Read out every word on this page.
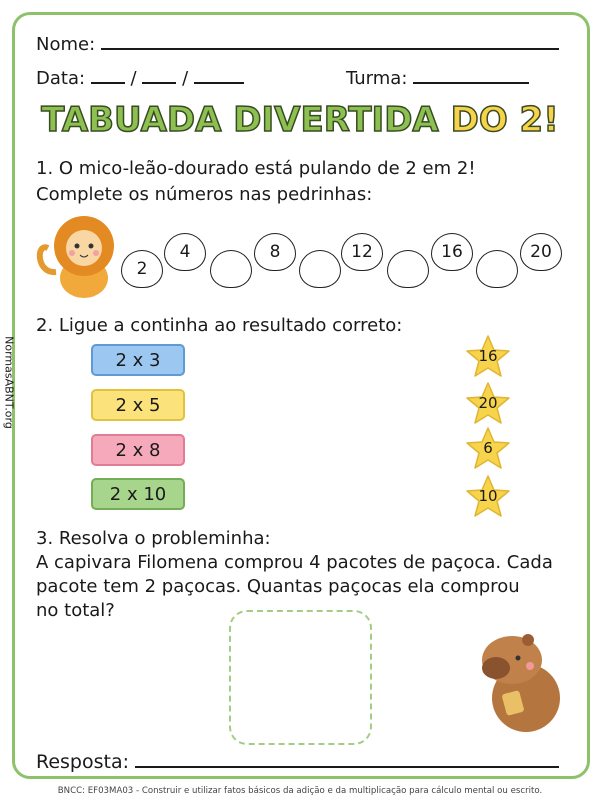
Nome:
Data:	/	/	Turma:
TABUADA DIVERTIDA DO 2!
1. O mico-leão-dourado está pulando de 2 em 2!
Complete os números nas pedrinhas:
2
4	8	12	16	20
2. Ligue a continha ao resultado correto:
2 x 3
2 x 5
2 x 8
2 x 10
16
20
6
10
3. Resolva o probleminha:
A capivara Filomena comprou 4 pacotes de paçoca. Cada
pacote tem 2 paçocas. Quantas paçocas ela comprou
no total?
Resposta:
NormasABNT.org
BNCC: EF03MA03 - Construir e utilizar fatos básicos da adição e da multiplicação para cálculo mental ou escrito.
